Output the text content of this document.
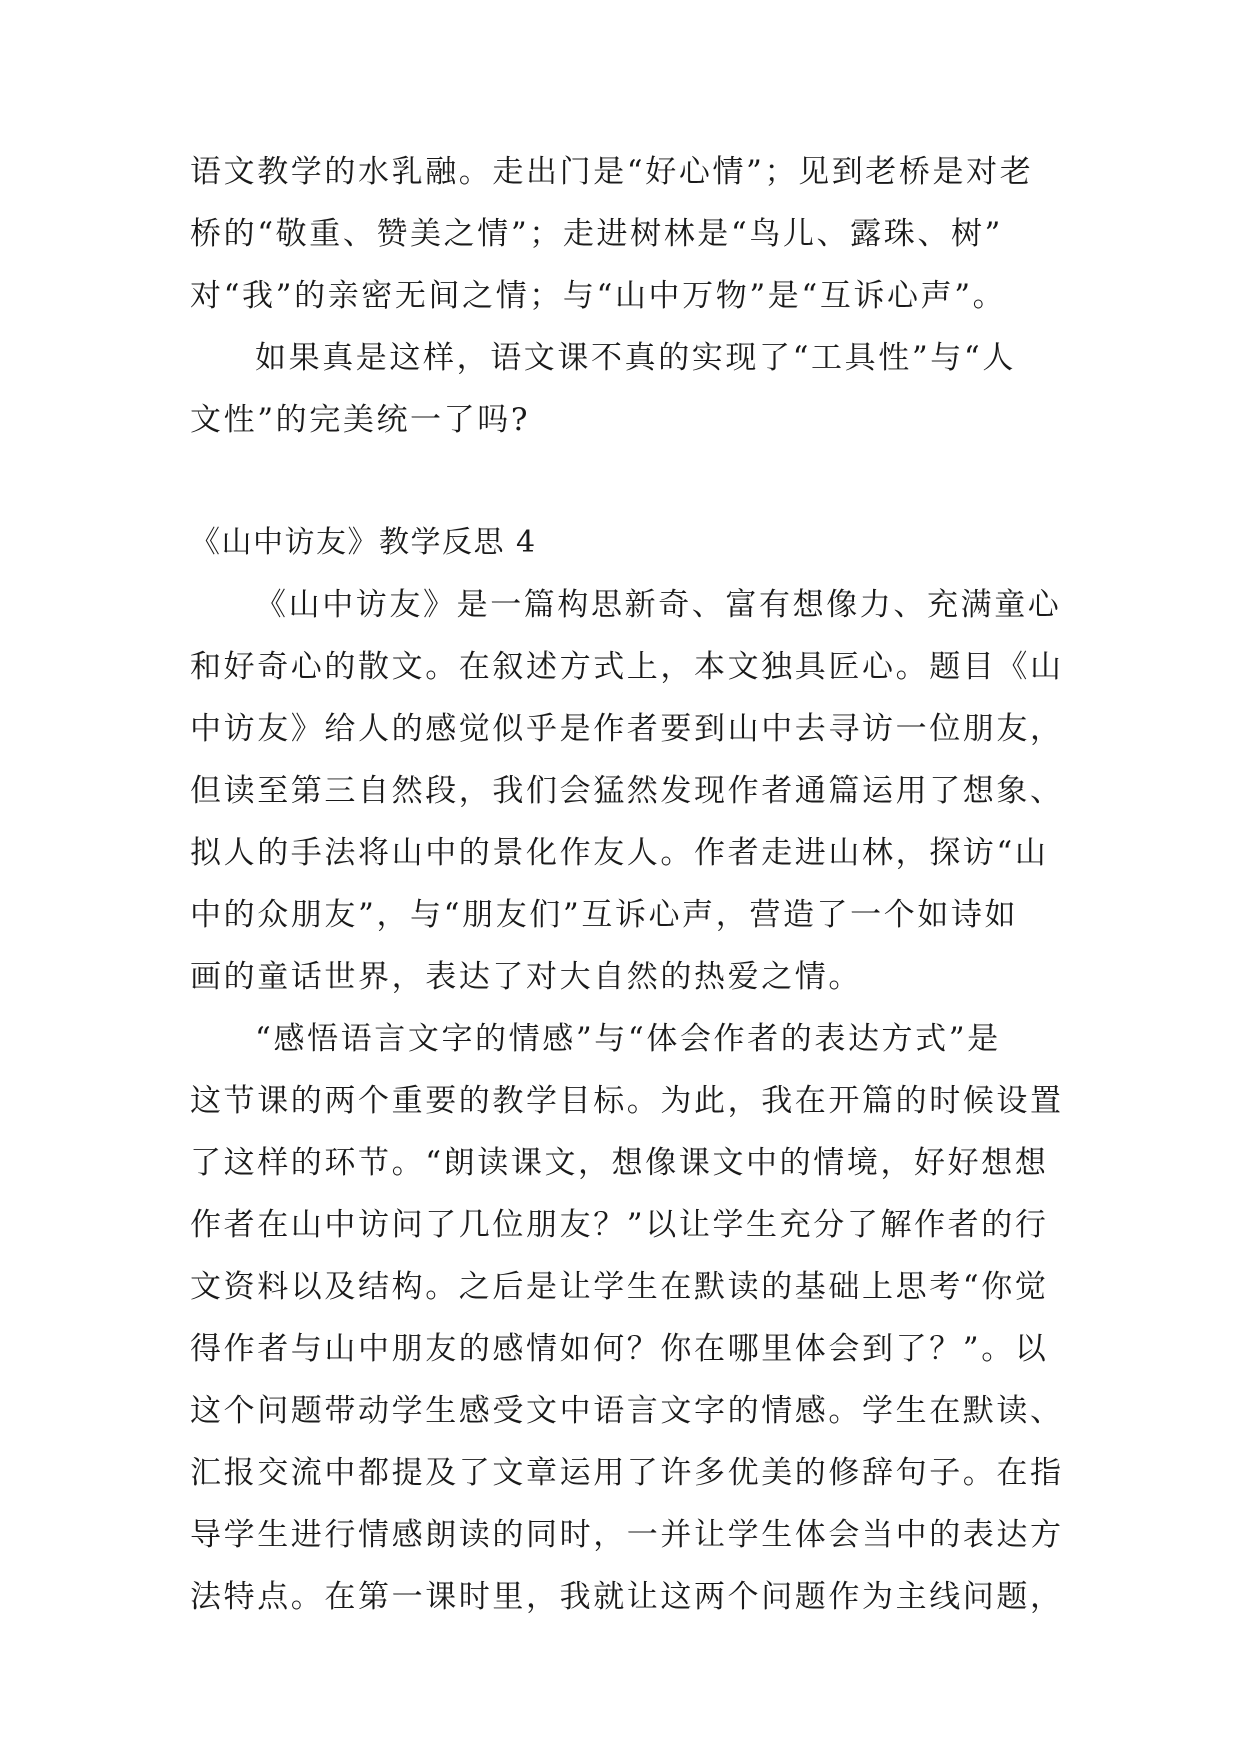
语文教学的水乳融。走出门是“好心情”；见到老桥是对老
桥的“敬重、赞美之情”；走进树林是“鸟儿、露珠、树”
对“我”的亲密无间之情；与“山中万物”是“互诉心声”。
如果真是这样，语文课不真的实现了“工具性”与“人
文性”的完美统一了吗?
《山中访友》教学反思 4
《山中访友》是一篇构思新奇、富有想像力、充满童心
和好奇心的散文。在叙述方式上，本文独具匠心。题目《山
中访友》给人的感觉似乎是作者要到山中去寻访一位朋友，
但读至第三自然段，我们会猛然发现作者通篇运用了想象、
拟人的手法将山中的景化作友人。作者走进山林，探访“山
中的众朋友”，与“朋友们”互诉心声，营造了一个如诗如
画的童话世界，表达了对大自然的热爱之情。
“感悟语言文字的情感”与“体会作者的表达方式”是
这节课的两个重要的教学目标。为此，我在开篇的时候设置
了这样的环节。“朗读课文，想像课文中的情境，好好想想
作者在山中访问了几位朋友？”以让学生充分了解作者的行
文资料以及结构。之后是让学生在默读的基础上思考“你觉
得作者与山中朋友的感情如何？你在哪里体会到了？”。以
这个问题带动学生感受文中语言文字的情感。学生在默读、
汇报交流中都提及了文章运用了许多优美的修辞句子。在指
导学生进行情感朗读的同时，一并让学生体会当中的表达方
法特点。在第一课时里，我就让这两个问题作为主线问题，
